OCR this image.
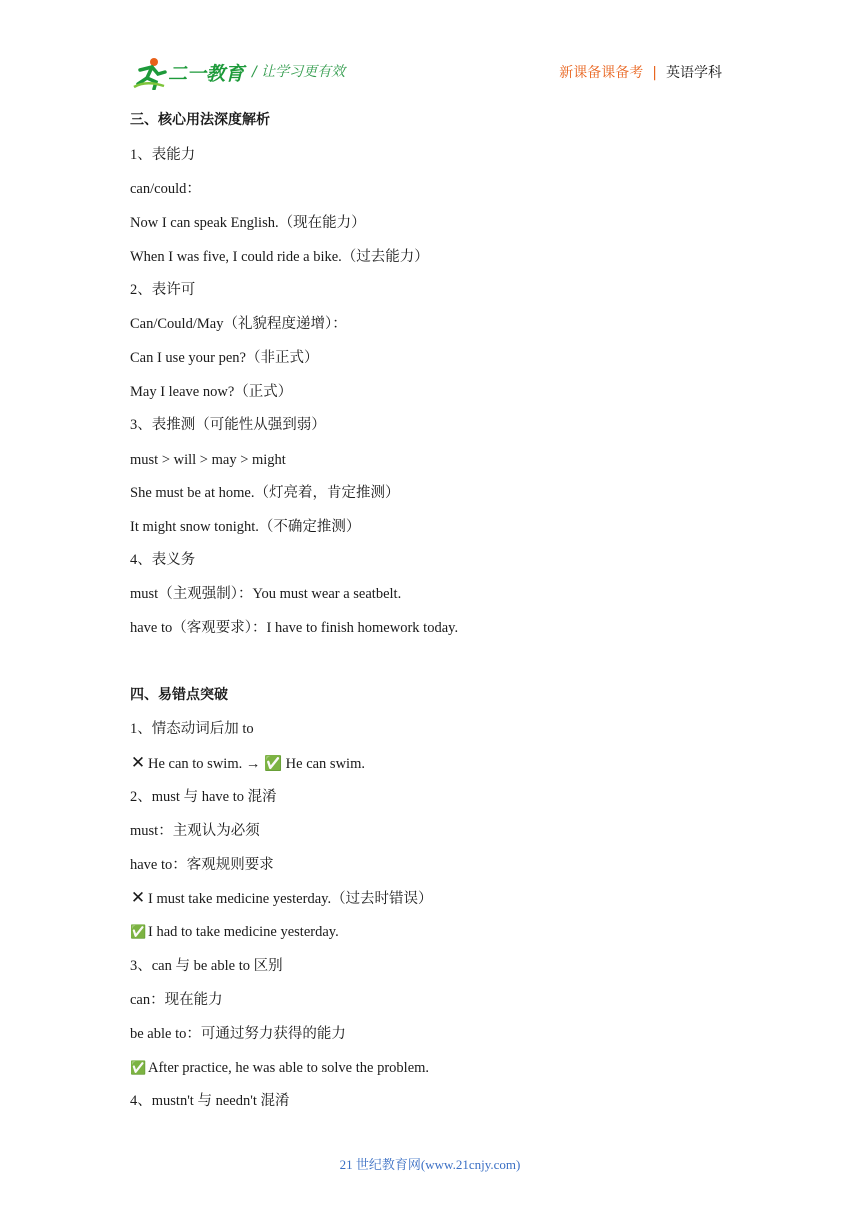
二一教育 / 让学习更有效	新课备课备考 | 英语学科
三、核心用法深度解析
1、表能力
can/could：
Now I can speak English.（现在能力）
When I was five, I could ride a bike.（过去能力）
2、表许可
Can/Could/May（礼貌程度递增）：
Can I use your pen?（非正式）
May I leave now?（正式）
3、表推测（可能性从强到弱）
must > will > may > might
She must be at home.（灯亮着，肯定推测）
It might snow tonight.（不确定推测）
4、表义务
must（主观强制）：You must wear a seatbelt.
have to（客观要求）：I have to finish homework today.
四、易错点突破
1、情态动词后加 to
✕ He can to swim. → ✅ He can swim.
2、must 与 have to 混淆
must：主观认为必须
have to：客观规则要求
✕ I must take medicine yesterday.（过去时错误）
✅ I had to take medicine yesterday.
3、can 与 be able to 区别
can：现在能力
be able to：可通过努力获得的能力
✅ After practice, he was able to solve the problem.
4、mustn't 与 needn't 混淆
21 世纪教育网(www.21cnjy.com)
